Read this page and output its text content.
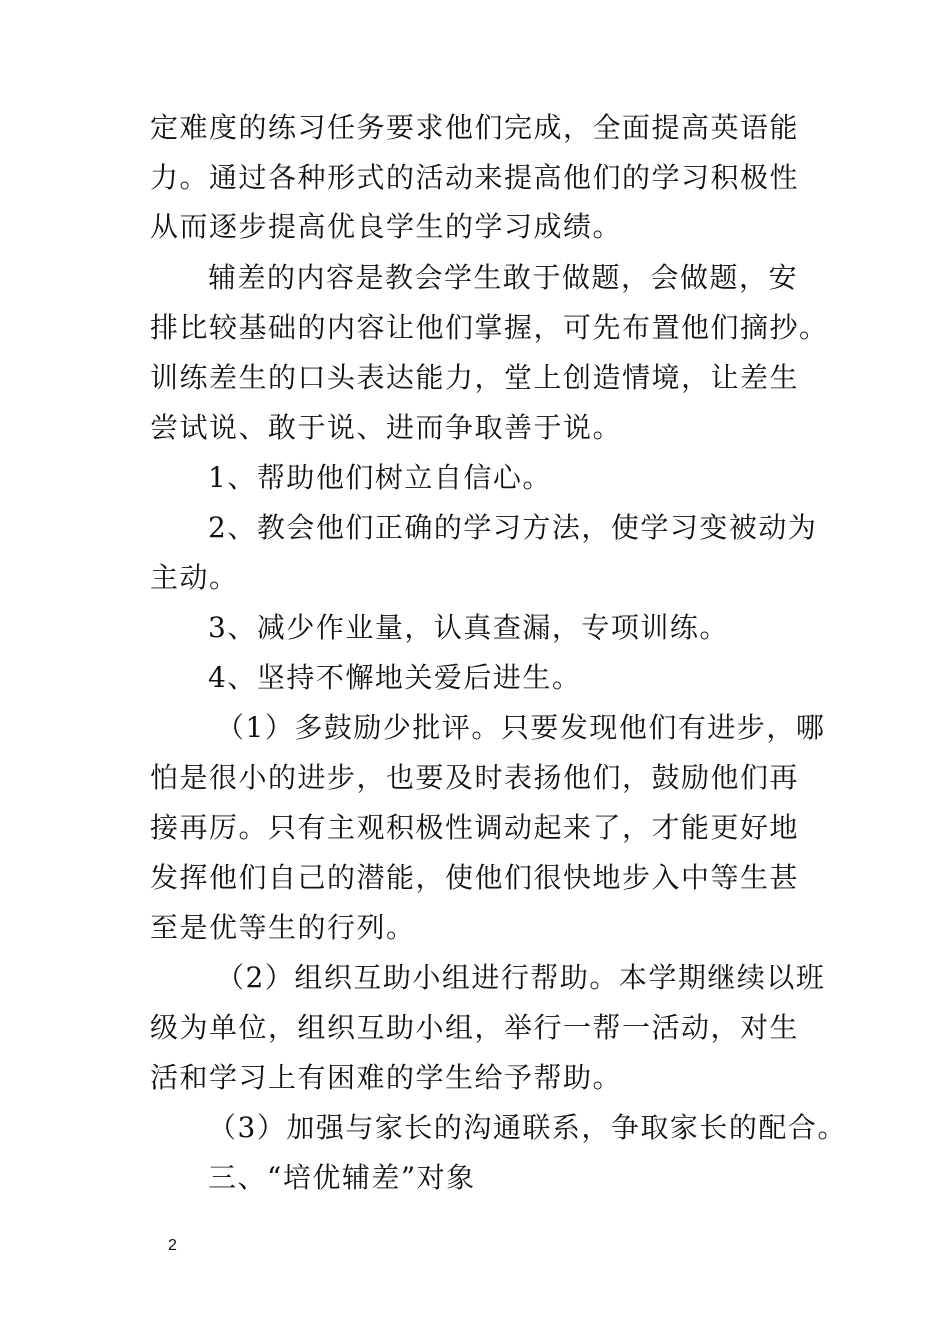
定难度的练习任务要求他们完成，全面提高英语能
力。通过各种形式的活动来提高他们的学习积极性
从而逐步提高优良学生的学习成绩。
辅差的内容是教会学生敢于做题，会做题，安
排比较基础的内容让他们掌握，可先布置他们摘抄。
训练差生的口头表达能力，堂上创造情境，让差生
尝试说、敢于说、进而争取善于说。
1、帮助他们树立自信心。
2、教会他们正确的学习方法，使学习变被动为
主动。
3、减少作业量，认真查漏，专项训练。
4、坚持不懈地关爱后进生。
（1）多鼓励少批评。只要发现他们有进步，哪
怕是很小的进步，也要及时表扬他们，鼓励他们再
接再厉。只有主观积极性调动起来了，才能更好地
发挥他们自己的潜能，使他们很快地步入中等生甚
至是优等生的行列。
（2）组织互助小组进行帮助。本学期继续以班
级为单位，组织互助小组，举行一帮一活动，对生
活和学习上有困难的学生给予帮助。
（3）加强与家长的沟通联系，争取家长的配合。
三、“培优辅差”对象
2
